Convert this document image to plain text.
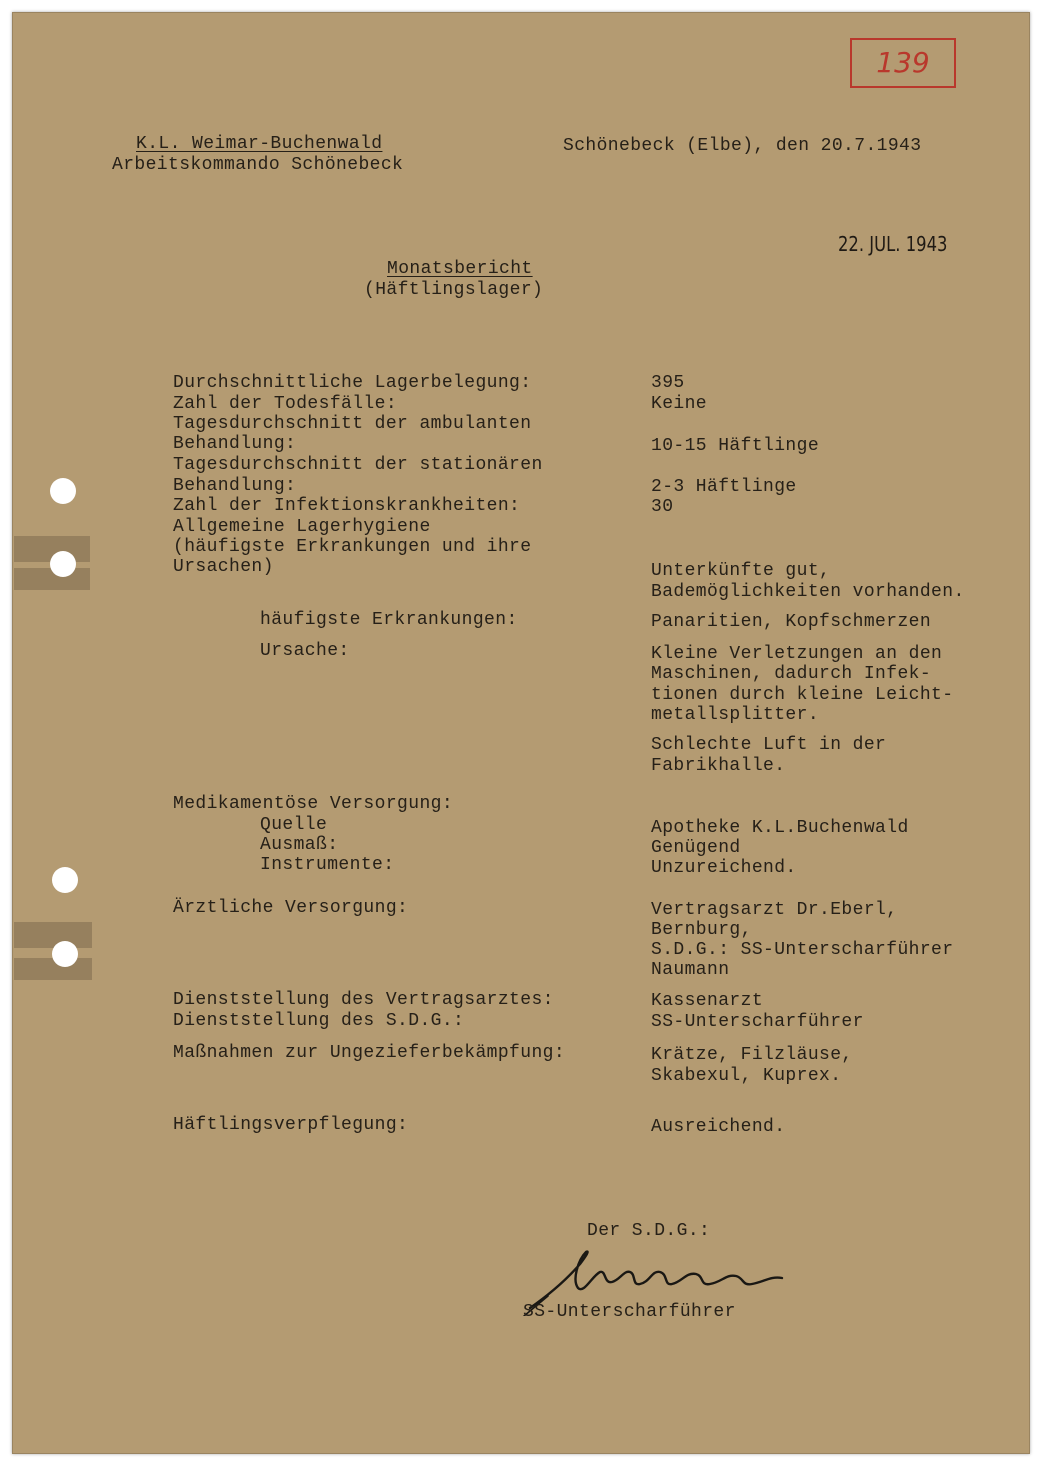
139
K.L. Weimar-Buchenwald
Arbeitskommando Schönebeck
Schönebeck (Elbe), den 20.7.1943
22. JUL. 1943
Monatsbericht
(Häftlingslager)
Durchschnittliche Lagerbelegung:
Zahl der Todesfälle:
Tagesdurchschnitt der ambulanten
Behandlung:
Tagesdurchschnitt der stationären
Behandlung:
Zahl der Infektionskrankheiten:
Allgemeine Lagerhygiene
(häufigste Erkrankungen und ihre
Ursachen)
häufigste Erkrankungen:
Ursache:
Medikamentöse Versorgung:
Quelle
Ausmaß:
Instrumente:
Ärztliche Versorgung:
Dienststellung des Vertragsarztes:
Dienststellung des S.D.G.:
Maßnahmen zur Ungezieferbekämpfung:
Häftlingsverpflegung:
395
Keine
10-15 Häftlinge
2-3 Häftlinge
30
Unterkünfte gut,
Bademöglichkeiten vorhanden.
Panaritien, Kopfschmerzen
Kleine Verletzungen an den
Maschinen, dadurch Infek-
tionen durch kleine Leicht-
metallsplitter.
Schlechte Luft in der
Fabrikhalle.
Apotheke K.L.Buchenwald
Genügend
Unzureichend.
Vertragsarzt Dr.Eberl,
Bernburg,
S.D.G.: SS-Unterscharführer
Naumann
Kassenarzt
SS-Unterscharführer
Krätze, Filzläuse,
Skabexul, Kuprex.
Ausreichend.
Der S.D.G.:
SS-Unterscharführer
